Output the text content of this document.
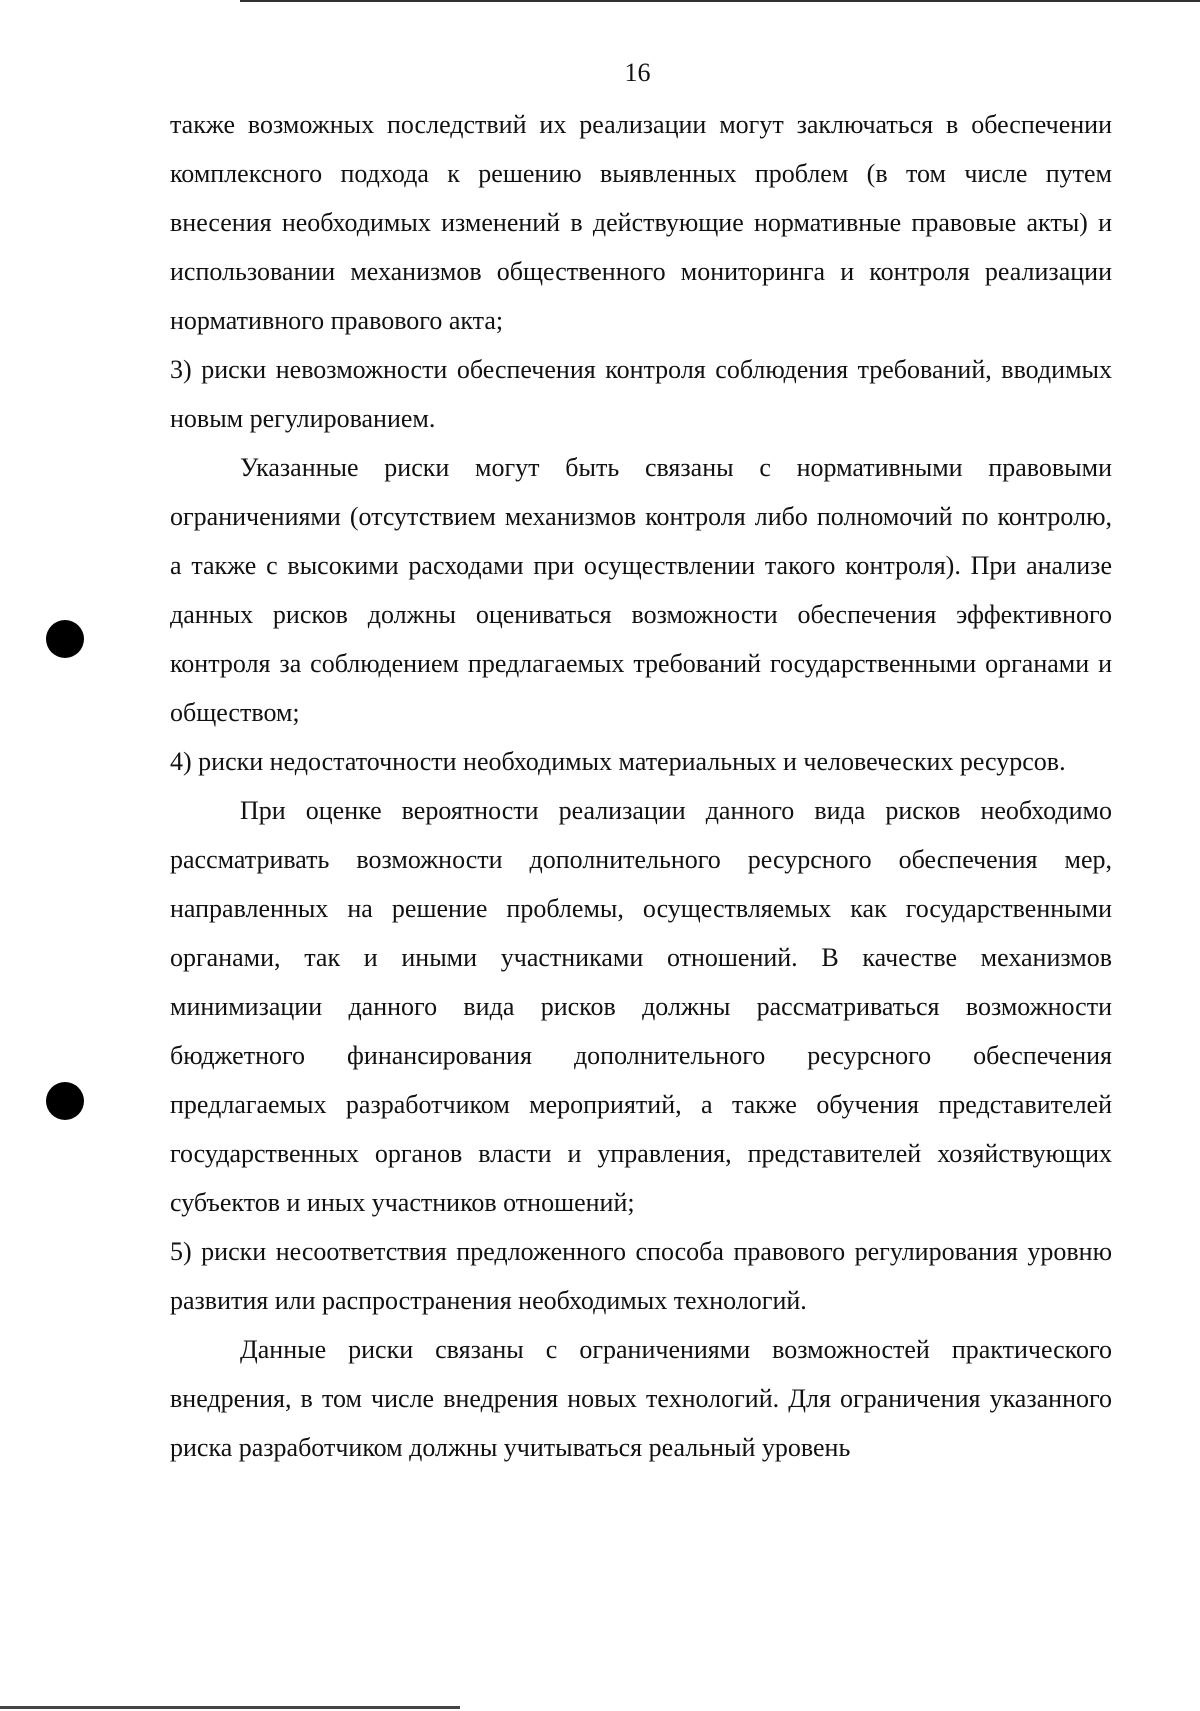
16

также возможных последствий их реализации могут заключаться в обеспечении комплексного подхода к решению выявленных проблем (в том числе путем внесения необходимых изменений в действующие нормативные правовые акты) и использовании механизмов общественного мониторинга и контроля реализации нормативного правового акта;

3) риски невозможности обеспечения контроля соблюдения требований, вводимых новым регулированием.

Указанные риски могут быть связаны с нормативными правовыми ограничениями (отсутствием механизмов контроля либо полномочий по контролю, а также с высокими расходами при осуществлении такого контроля). При анализе данных рисков должны оцениваться возможности обеспечения эффективного контроля за соблюдением предлагаемых требований государственными органами и обществом;

4) риски недостаточности необходимых материальных и человеческих ресурсов.

При оценке вероятности реализации данного вида рисков необходимо рассматривать возможности дополнительного ресурсного обеспечения мер, направленных на решение проблемы, осуществляемых как государственными органами, так и иными участниками отношений. В качестве механизмов минимизации данного вида рисков должны рассматриваться возможности бюджетного финансирования дополнительного ресурсного обеспечения предлагаемых разработчиком мероприятий, а также обучения представителей государственных органов власти и управления, представителей хозяйствующих субъектов и иных участников отношений;

5) риски несоответствия предложенного способа правового регулирования уровню развития или распространения необходимых технологий.

Данные риски связаны с ограничениями возможностей практического внедрения, в том числе внедрения новых технологий. Для ограничения указанного риска разработчиком должны учитываться реальный уровень
